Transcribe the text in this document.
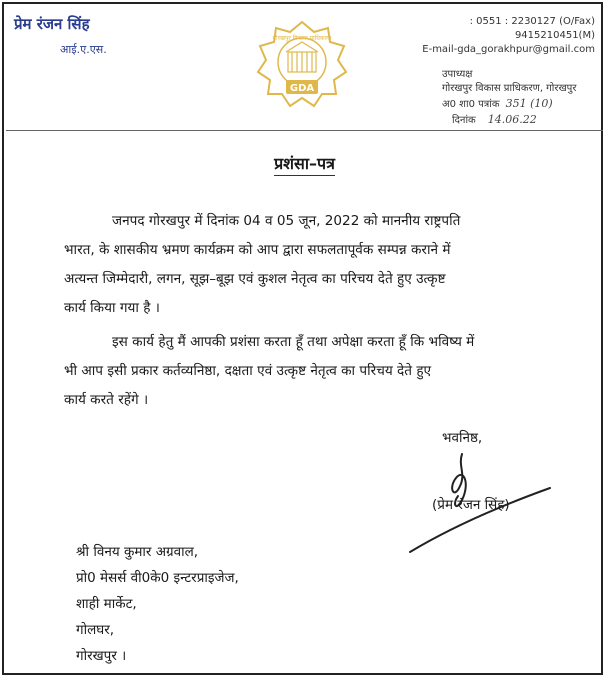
प्रेम रंजन सिंह
आई.ए.एस.
: 0551 : 2230127 (O/Fax)
9415210451(M)
E-mail-gda_gorakhpur@gmail.com
उपाध्यक्ष
गोरखपुर विकास प्राधिकरण, गोरखपुर
अ0 शा0 पत्रांक 351 (10)
दिनांक 14.06.22
गोरखपुर विकास प्राधिकरण
GDA
प्रशंसा–पत्र
जनपद गोरखपुर में दिनांक 04 व 05 जून, 2022 को माननीय राष्ट्रपति
भारत, के शासकीय भ्रमण कार्यक्रम को आप द्वारा सफलतापूर्वक सम्पन्न कराने में
अत्यन्त जिम्मेदारी, लगन, सूझ–बूझ एवं कुशल नेतृत्व का परिचय देते हुए उत्कृष्ट
कार्य किया गया है ।
इस कार्य हेतु मैं आपकी प्रशंसा करता हूँ तथा अपेक्षा करता हूँ कि भविष्य में
भी आप इसी प्रकार कर्तव्यनिष्ठा, दक्षता एवं उत्कृष्ट नेतृत्व का परिचय देते हुए
कार्य करते रहेंगे ।
भवनिष्ठ,
(प्रेम रंजन सिंह)
श्री विनय कुमार अग्रवाल,
प्रो0 मेसर्स वी0के0 इन्टरप्राइजेज,
शाही मार्केट,
गोलघर,
गोरखपुर ।
